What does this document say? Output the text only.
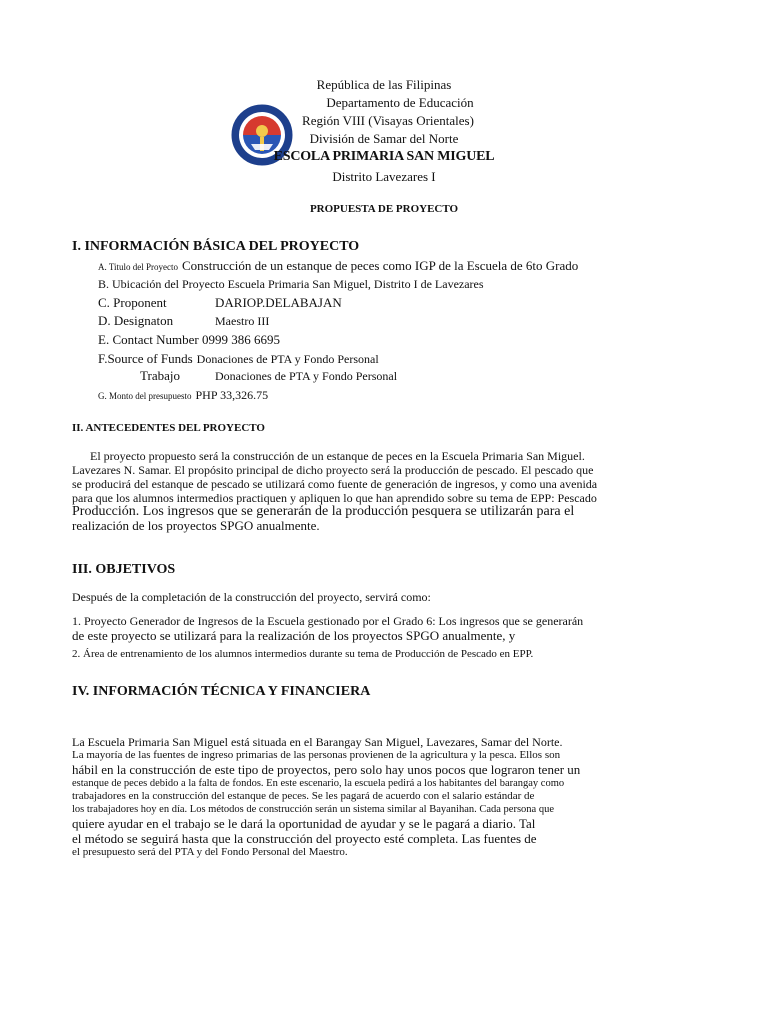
República de las Filipinas
Departamento de Educación
Región VIII (Visayas Orientales)
División de Samar del Norte
ESCOLA PRIMARIA SAN MIGUEL
Distrito Lavezares I
PROPUESTA DE PROYECTO
I. INFORMACIÓN BÁSICA DEL PROYECTO
A. Titulo del Proyecto Construcción de un estanque de peces como IGP de la Escuela de 6to Grado
B. Ubicación del Proyecto Escuela Primaria San Miguel, Distrito I de Lavezares
C. Proponent	DARIOP.DELABAJAN
D. Designaton	Maestro III
E. Contact Number 0999 386 6695
F.Source of Funds Donaciones de PTA y Fondo Personal
Trabajo	Donaciones de PTA y Fondo Personal
G. Monto del presupuesto PHP 33,326.75
II. ANTECEDENTES DEL PROYECTO
El proyecto propuesto será la construcción de un estanque de peces en la Escuela Primaria San Miguel.
Lavezares N. Samar. El propósito principal de dicho proyecto será la producción de pescado. El pescado que
se producirá del estanque de pescado se utilizará como fuente de generación de ingresos, y como una avenida
para que los alumnos intermedios practiquen y apliquen lo que han aprendido sobre su tema de EPP: Pescado
Producción. Los ingresos que se generarán de la producción pesquera se utilizarán para el
realización de los proyectos SPGO anualmente.
III. OBJETIVOS
Después de la completación de la construcción del proyecto, servirá como:
1. Proyecto Generador de Ingresos de la Escuela gestionado por el Grado 6: Los ingresos que se generarán
de este proyecto se utilizará para la realización de los proyectos SPGO anualmente, y
2. Área de entrenamiento de los alumnos intermedios durante su tema de Producción de Pescado en EPP.
IV. INFORMACIÓN TÉCNICA Y FINANCIERA
La Escuela Primaria San Miguel está situada en el Barangay San Miguel, Lavezares, Samar del Norte.
La mayoría de las fuentes de ingreso primarias de las personas provienen de la agricultura y la pesca. Ellos son
hábil en la construcción de este tipo de proyectos, pero solo hay unos pocos que lograron tener un
estanque de peces debido a la falta de fondos. En este escenario, la escuela pedirá a los habitantes del barangay como
trabajadores en la construcción del estanque de peces. Se les pagará de acuerdo con el salario estándar de
los trabajadores hoy en día. Los métodos de construcción serán un sistema similar al Bayanihan. Cada persona que
quiere ayudar en el trabajo se le dará la oportunidad de ayudar y se le pagará a diario. Tal
el método se seguirá hasta que la construcción del proyecto esté completa. Las fuentes de
el presupuesto será del PTA y del Fondo Personal del Maestro.
